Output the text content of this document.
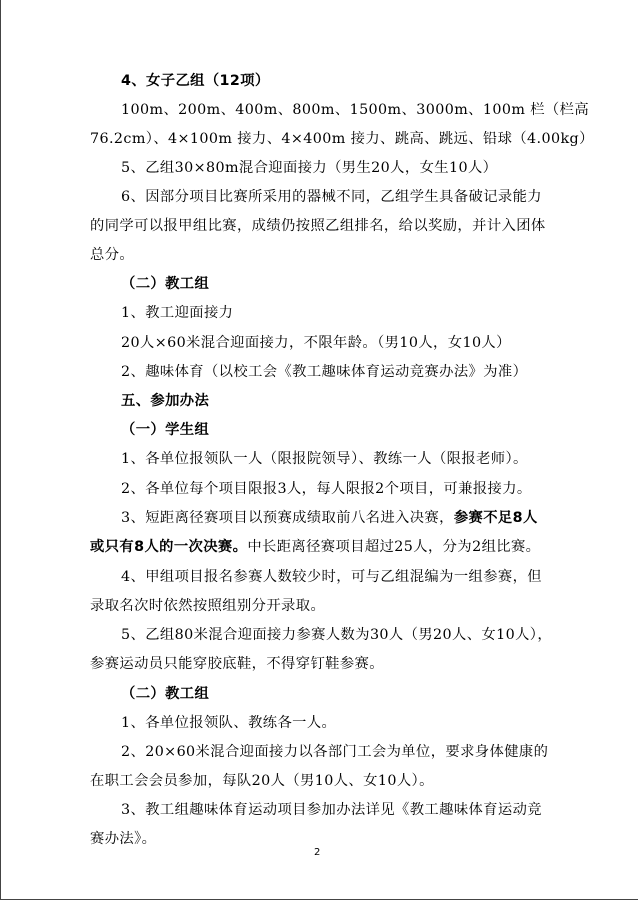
4、女子乙组（12项）
100m、200m、400m、800m、1500m、3000m、100m 栏（栏高
76.2cm）、4×100m 接力、4×400m 接力、跳高、跳远、铅球（4.00kg）
5、乙组30×80m混合迎面接力（男生20人，女生10人）
6、因部分项目比赛所采用的器械不同，乙组学生具备破记录能力
的同学可以报甲组比赛，成绩仍按照乙组排名，给以奖励，并计入团体
总分。
（二）教工组
1、教工迎面接力
20人×60米混合迎面接力，不限年龄。（男10人，女10人）
2、趣味体育（以校工会《教工趣味体育运动竞赛办法》为准）
五、参加办法
（一）学生组
1、各单位报领队一人（限报院领导）、教练一人（限报老师）。
2、各单位每个项目限报3人，每人限报2个项目，可兼报接力。
3、短距离径赛项目以预赛成绩取前八名进入决赛，参赛不足8人
或只有8人的一次决赛。中长距离径赛项目超过25人，分为2组比赛。
4、甲组项目报名参赛人数较少时，可与乙组混编为一组参赛，但
录取名次时依然按照组别分开录取。
5、乙组80米混合迎面接力参赛人数为30人（男20人、女10人），
参赛运动员只能穿胶底鞋，不得穿钉鞋参赛。
（二）教工组
1、各单位报领队、教练各一人。
2、20×60米混合迎面接力以各部门工会为单位，要求身体健康的
在职工会会员参加，每队20人（男10人、女10人）。
3、教工组趣味体育运动项目参加办法详见《教工趣味体育运动竞
赛办法》。
2
